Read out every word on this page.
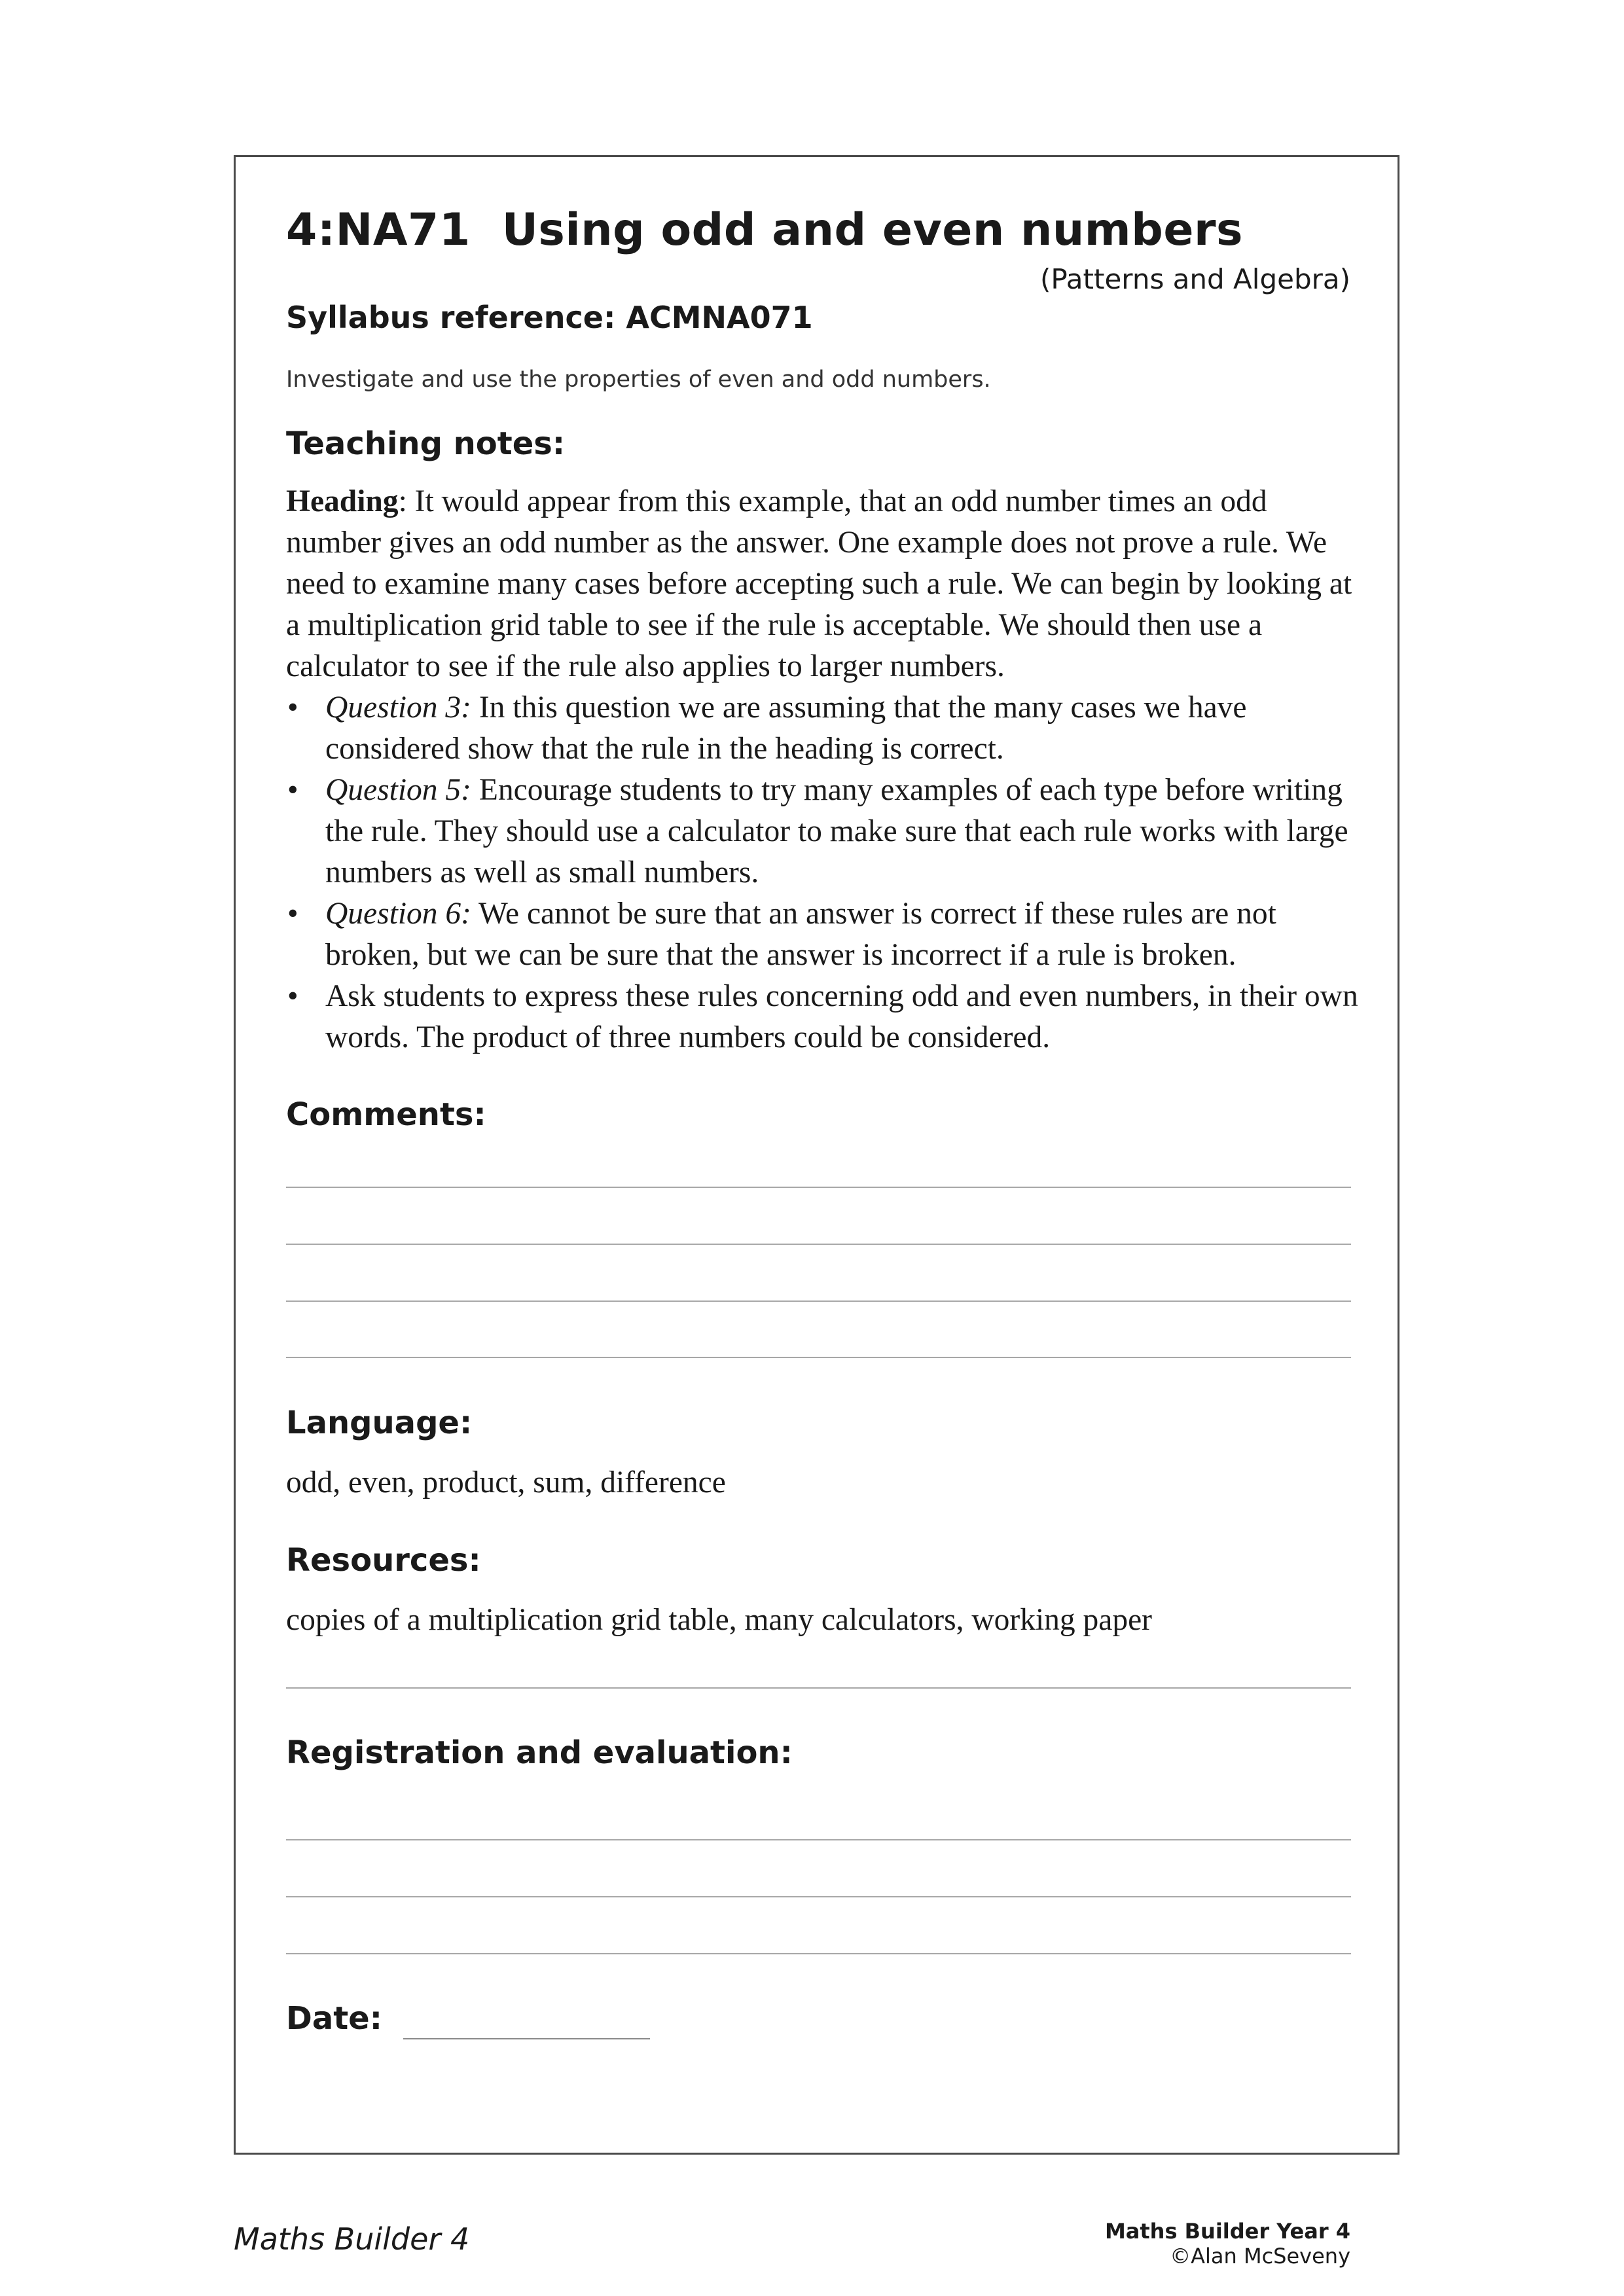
4:NA71 Using odd and even numbers
(Patterns and Algebra)
Syllabus reference: ACMNA071
Investigate and use the properties of even and odd numbers.
Teaching notes:

Heading: It would appear from this example, that an odd number times an odd number gives an odd number as the answer. One example does not prove a rule. We need to examine many cases before accepting such a rule. We can begin by looking at a multiplication grid table to see if the rule is acceptable. We should then use a calculator to see if the rule also applies to larger numbers.

• Question 3: In this question we are assuming that the many cases we have considered show that the rule in the heading is correct.
• Question 5: Encourage students to try many examples of each type before writing the rule. They should use a calculator to make sure that each rule works with large numbers as well as small numbers.
• Question 6: We cannot be sure that an answer is correct if these rules are not broken, but we can be sure that the answer is incorrect if a rule is broken.
• Ask students to express these rules concerning odd and even numbers, in their own words. The product of three numbers could be considered.
Comments:
Language:
odd, even, product, sum, difference
Resources:
copies of a multiplication grid table, many calculators, working paper
Registration and evaluation:
Date:
Maths Builder 4	Maths Builder Year 4
©Alan McSeveny
